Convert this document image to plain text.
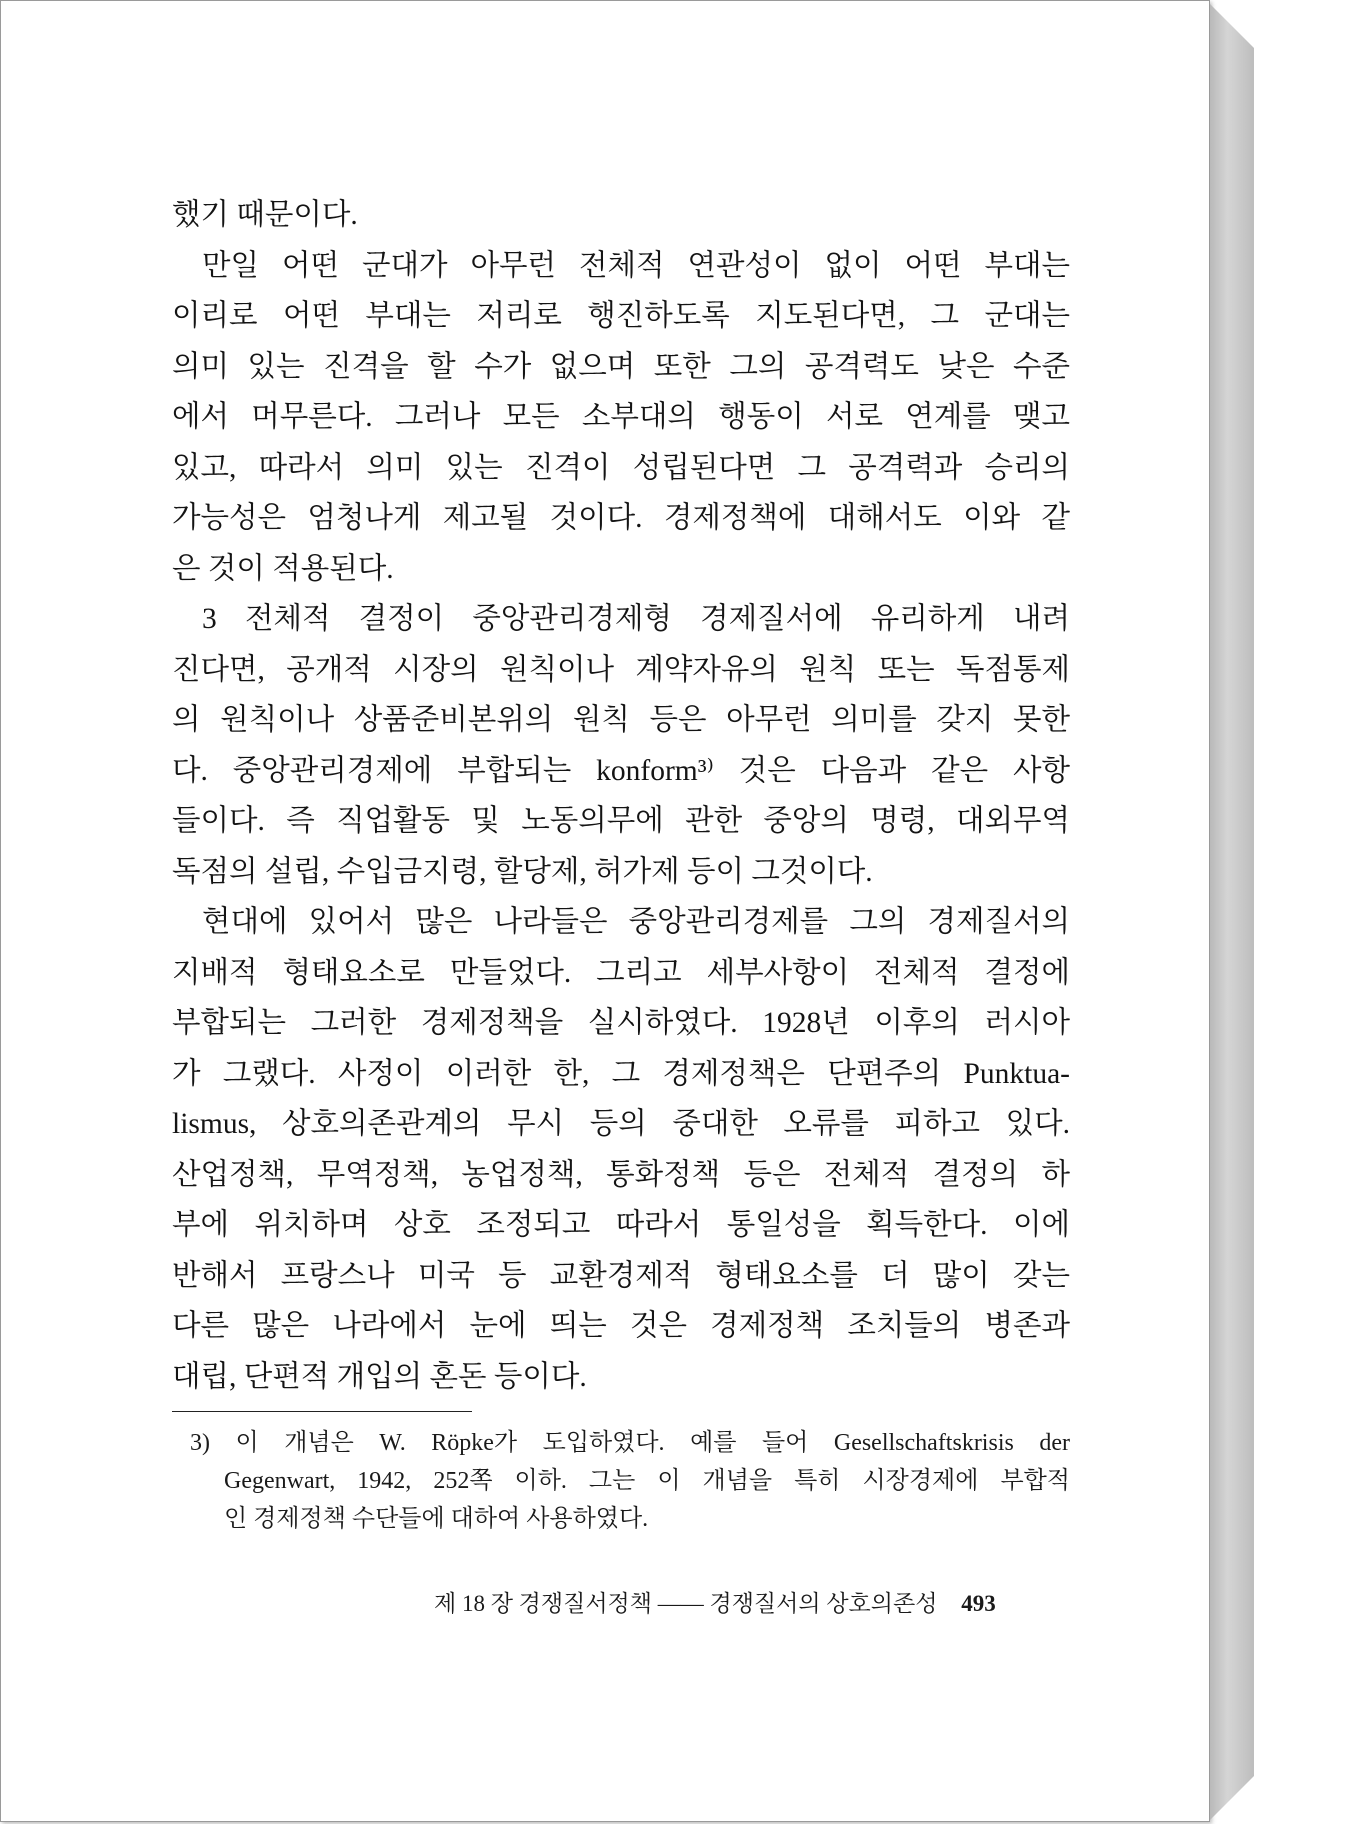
했기 때문이다.
만일 어떤 군대가 아무런 전체적 연관성이 없이 어떤 부대는
이리로 어떤 부대는 저리로 행진하도록 지도된다면, 그 군대는
의미 있는 진격을 할 수가 없으며 또한 그의 공격력도 낮은 수준
에서 머무른다. 그러나 모든 소부대의 행동이 서로 연계를 맺고
있고, 따라서 의미 있는 진격이 성립된다면 그 공격력과 승리의
가능성은 엄청나게 제고될 것이다. 경제정책에 대해서도 이와 같
은 것이 적용된다.
3 전체적 결정이 중앙관리경제형 경제질서에 유리하게 내려
진다면, 공개적 시장의 원칙이나 계약자유의 원칙 또는 독점통제
의 원칙이나 상품준비본위의 원칙 등은 아무런 의미를 갖지 못한
다. 중앙관리경제에 부합되는 konform³⁾ 것은 다음과 같은 사항
들이다. 즉 직업활동 및 노동의무에 관한 중앙의 명령, 대외무역
독점의 설립, 수입금지령, 할당제, 허가제 등이 그것이다.
현대에 있어서 많은 나라들은 중앙관리경제를 그의 경제질서의
지배적 형태요소로 만들었다. 그리고 세부사항이 전체적 결정에
부합되는 그러한 경제정책을 실시하였다. 1928년 이후의 러시아
가 그랬다. 사정이 이러한 한, 그 경제정책은 단편주의 Punktua-
lismus, 상호의존관계의 무시 등의 중대한 오류를 피하고 있다.
산업정책, 무역정책, 농업정책, 통화정책 등은 전체적 결정의 하
부에 위치하며 상호 조정되고 따라서 통일성을 획득한다. 이에
반해서 프랑스나 미국 등 교환경제적 형태요소를 더 많이 갖는
다른 많은 나라에서 눈에 띄는 것은 경제정책 조치들의 병존과
대립, 단편적 개입의 혼돈 등이다.
3) 이 개념은 W. Röpke가 도입하였다. 예를 들어 Gesellschaftskrisis der
Gegenwart, 1942, 252쪽 이하. 그는 이 개념을 특히 시장경제에 부합적
인 경제정책 수단들에 대하여 사용하였다.
제 18 장 경쟁질서정책 —— 경쟁질서의 상호의존성 493
